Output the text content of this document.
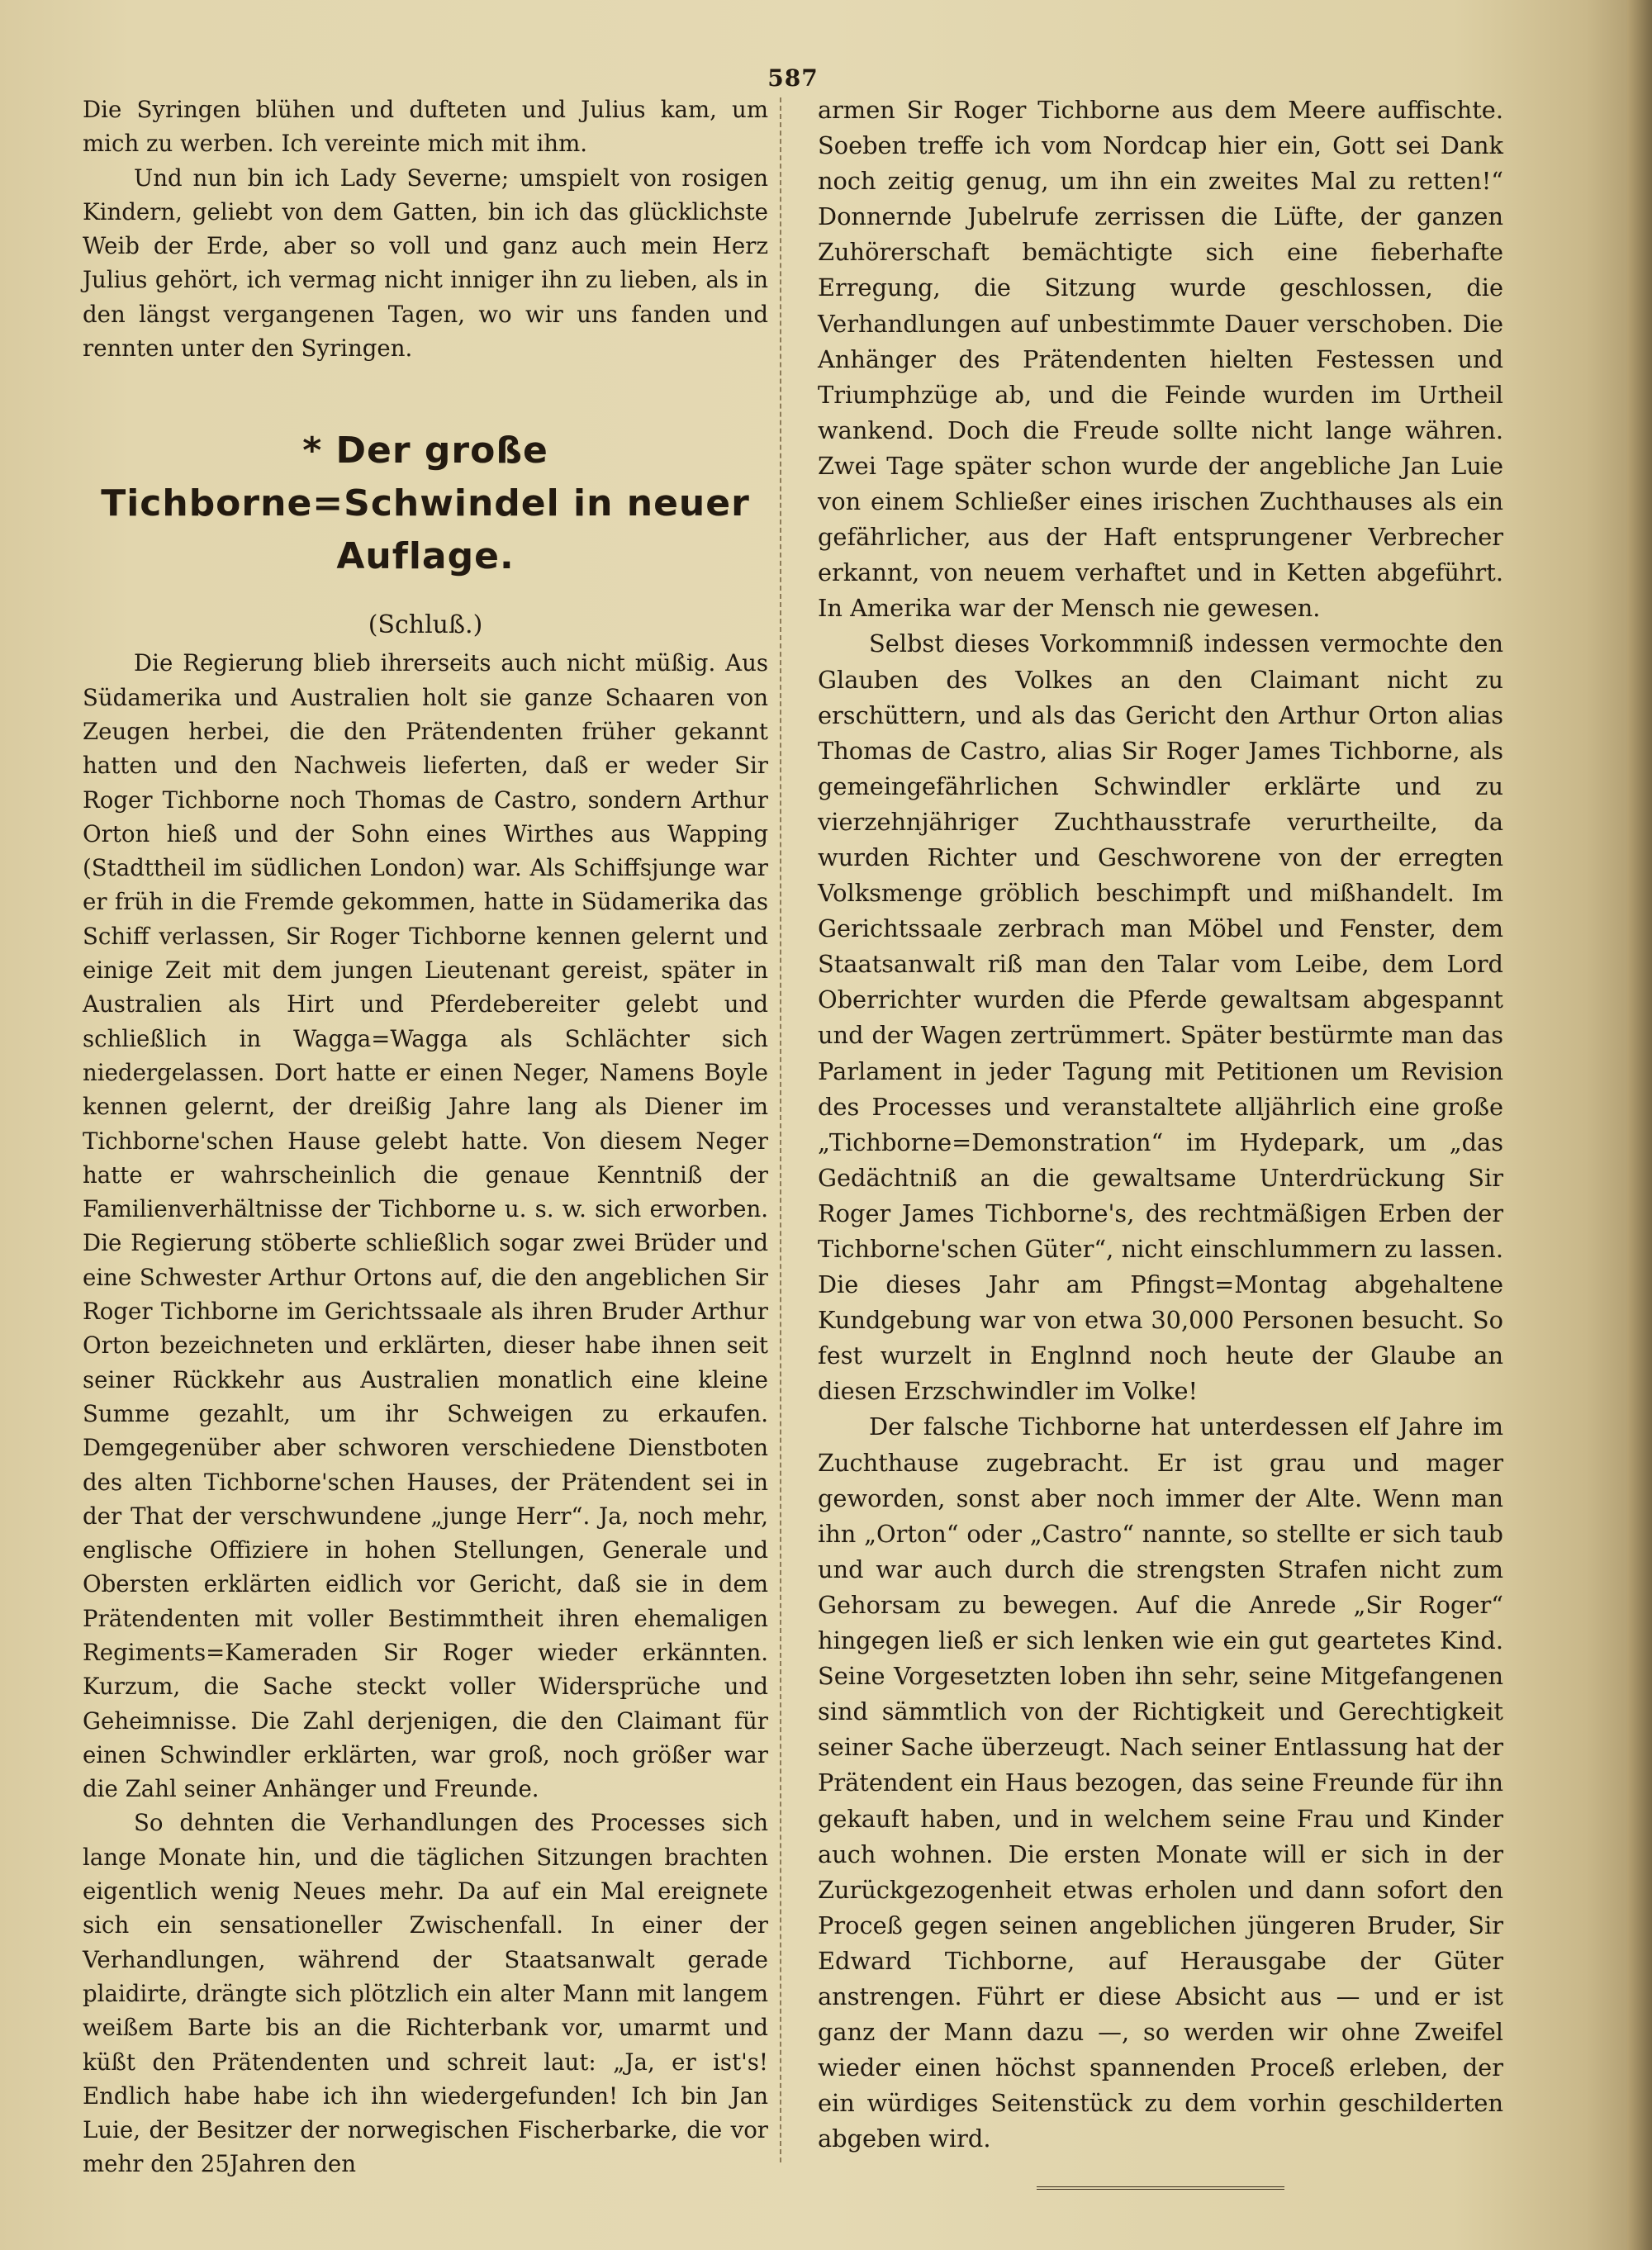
587

Die Syringen blühen und dufteten und Julius kam, um mich zu werben. Ich vereinte mich mit ihm.

Und nun bin ich Lady Severne; umspielt von rosigen Kindern, geliebt von dem Gatten, bin ich das glücklichste Weib der Erde, aber so voll und ganz auch mein Herz Julius gehört, ich vermag nicht inniger ihn zu lieben, als in den längst vergangenen Tagen, wo wir uns fanden und rennten unter den Syringen.

* Der große Tichborne=Schwindel in neuer Auflage.
(Schluß.)

Die Regierung blieb ihrerseits auch nicht müßig. Aus Südamerika und Australien holt sie ganze Schaaren von Zeugen herbei, die den Prätendenten früher gekannt hatten und den Nachweis lieferten, daß er weder Sir Roger Tichborne noch Thomas de Castro, sondern Arthur Orton hieß und der Sohn eines Wirthes aus Wapping (Stadttheil im südlichen London) war. Als Schiffsjunge war er früh in die Fremde gekommen, hatte in Südamerika das Schiff verlassen, Sir Roger Tichborne kennen gelernt und einige Zeit mit dem jungen Lieutenant gereist, später in Australien als Hirt und Pferdebereiter gelebt und schließlich in Wagga=Wagga als Schlächter sich niedergelassen. Dort hatte er einen Neger, Namens Boyle kennen gelernt, der dreißig Jahre lang als Diener im Tichborne'schen Hause gelebt hatte. Von diesem Neger hatte er wahrscheinlich die genaue Kenntniß der Familienverhältnisse der Tichborne u. s. w. sich erworben. Die Regierung stöberte schließlich sogar zwei Brüder und eine Schwester Arthur Ortons auf, die den angeblichen Sir Roger Tichborne im Gerichtssaale als ihren Bruder Arthur Orton bezeichneten und erklärten, dieser habe ihnen seit seiner Rückkehr aus Australien monatlich eine kleine Summe gezahlt, um ihr Schweigen zu erkaufen. Demgegenüber aber schworen verschiedene Dienstboten des alten Tichborne'schen Hauses, der Prätendent sei in der That der verschwundene „junge Herr“. Ja, noch mehr, englische Offiziere in hohen Stellungen, Generale und Obersten erklärten eidlich vor Gericht, daß sie in dem Prätendenten mit voller Bestimmtheit ihren ehemaligen Regiments=Kameraden Sir Roger wieder erkännten. Kurzum, die Sache steckt voller Widersprüche und Geheimnisse. Die Zahl derjenigen, die den Claimant für einen Schwindler erklärten, war groß, noch größer war die Zahl seiner Anhänger und Freunde.

So dehnten die Verhandlungen des Processes sich lange Monate hin, und die täglichen Sitzungen brachten eigentlich wenig Neues mehr. Da auf ein Mal ereignete sich ein sensationeller Zwischenfall. In einer der Verhandlungen, während der Staatsanwalt gerade plaidirte, drängte sich plötzlich ein alter Mann mit langem weißem Barte bis an die Richterbank vor, umarmt und küßt den Prätendenten und schreit laut: „Ja, er ist's! Endlich habe habe ich ihn wiedergefunden! Ich bin Jan Luie, der Besitzer der norwegischen Fischerbarke, die vor mehr den 25Jahren den

armen Sir Roger Tichborne aus dem Meere auffischte. Soeben treffe ich vom Nordcap hier ein, Gott sei Dank noch zeitig genug, um ihn ein zweites Mal zu retten!“ Donnernde Jubelrufe zerrissen die Lüfte, der ganzen Zuhörerschaft bemächtigte sich eine fieberhafte Erregung, die Sitzung wurde geschlossen, die Verhandlungen auf unbestimmte Dauer verschoben. Die Anhänger des Prätendenten hielten Festessen und Triumphzüge ab, und die Feinde wurden im Urtheil wankend. Doch die Freude sollte nicht lange währen. Zwei Tage später schon wurde der angebliche Jan Luie von einem Schließer eines irischen Zuchthauses als ein gefährlicher, aus der Haft entsprungener Verbrecher erkannt, von neuem verhaftet und in Ketten abgeführt. In Amerika war der Mensch nie gewesen.

Selbst dieses Vorkommniß indessen vermochte den Glauben des Volkes an den Claimant nicht zu erschüttern, und als das Gericht den Arthur Orton alias Thomas de Castro, alias Sir Roger James Tichborne, als gemeingefährlichen Schwindler erklärte und zu vierzehnjähriger Zuchthausstrafe verurtheilte, da wurden Richter und Geschworene von der erregten Volksmenge gröblich beschimpft und mißhandelt. Im Gerichtssaale zerbrach man Möbel und Fenster, dem Staatsanwalt riß man den Talar vom Leibe, dem Lord Oberrichter wurden die Pferde gewaltsam abgespannt und der Wagen zertrümmert. Später bestürmte man das Parlament in jeder Tagung mit Petitionen um Revision des Processes und veranstaltete alljährlich eine große „Tichborne=Demonstration“ im Hydepark, um „das Gedächtniß an die gewaltsame Unterdrückung Sir Roger James Tichborne's, des rechtmäßigen Erben der Tichborne'schen Güter“, nicht einschlummern zu lassen. Die dieses Jahr am Pfingst=Montag abgehaltene Kundgebung war von etwa 30,000 Personen besucht. So fest wurzelt in Englnnd noch heute der Glaube an diesen Erzschwindler im Volke!

Der falsche Tichborne hat unterdessen elf Jahre im Zuchthause zugebracht. Er ist grau und mager geworden, sonst aber noch immer der Alte. Wenn man ihn „Orton“ oder „Castro“ nannte, so stellte er sich taub und war auch durch die strengsten Strafen nicht zum Gehorsam zu bewegen. Auf die Anrede „Sir Roger“ hingegen ließ er sich lenken wie ein gut geartetes Kind. Seine Vorgesetzten loben ihn sehr, seine Mitgefangenen sind sämmtlich von der Richtigkeit und Gerechtigkeit seiner Sache überzeugt. Nach seiner Entlassung hat der Prätendent ein Haus bezogen, das seine Freunde für ihn gekauft haben, und in welchem seine Frau und Kinder auch wohnen. Die ersten Monate will er sich in der Zurückgezogenheit etwas erholen und dann sofort den Proceß gegen seinen angeblichen jüngeren Bruder, Sir Edward Tichborne, auf Herausgabe der Güter anstrengen. Führt er diese Absicht aus — und er ist ganz der Mann dazu —, so werden wir ohne Zweifel wieder einen höchst spannenden Proceß erleben, der ein würdiges Seitenstück zu dem vorhin geschilderten abgeben wird.
